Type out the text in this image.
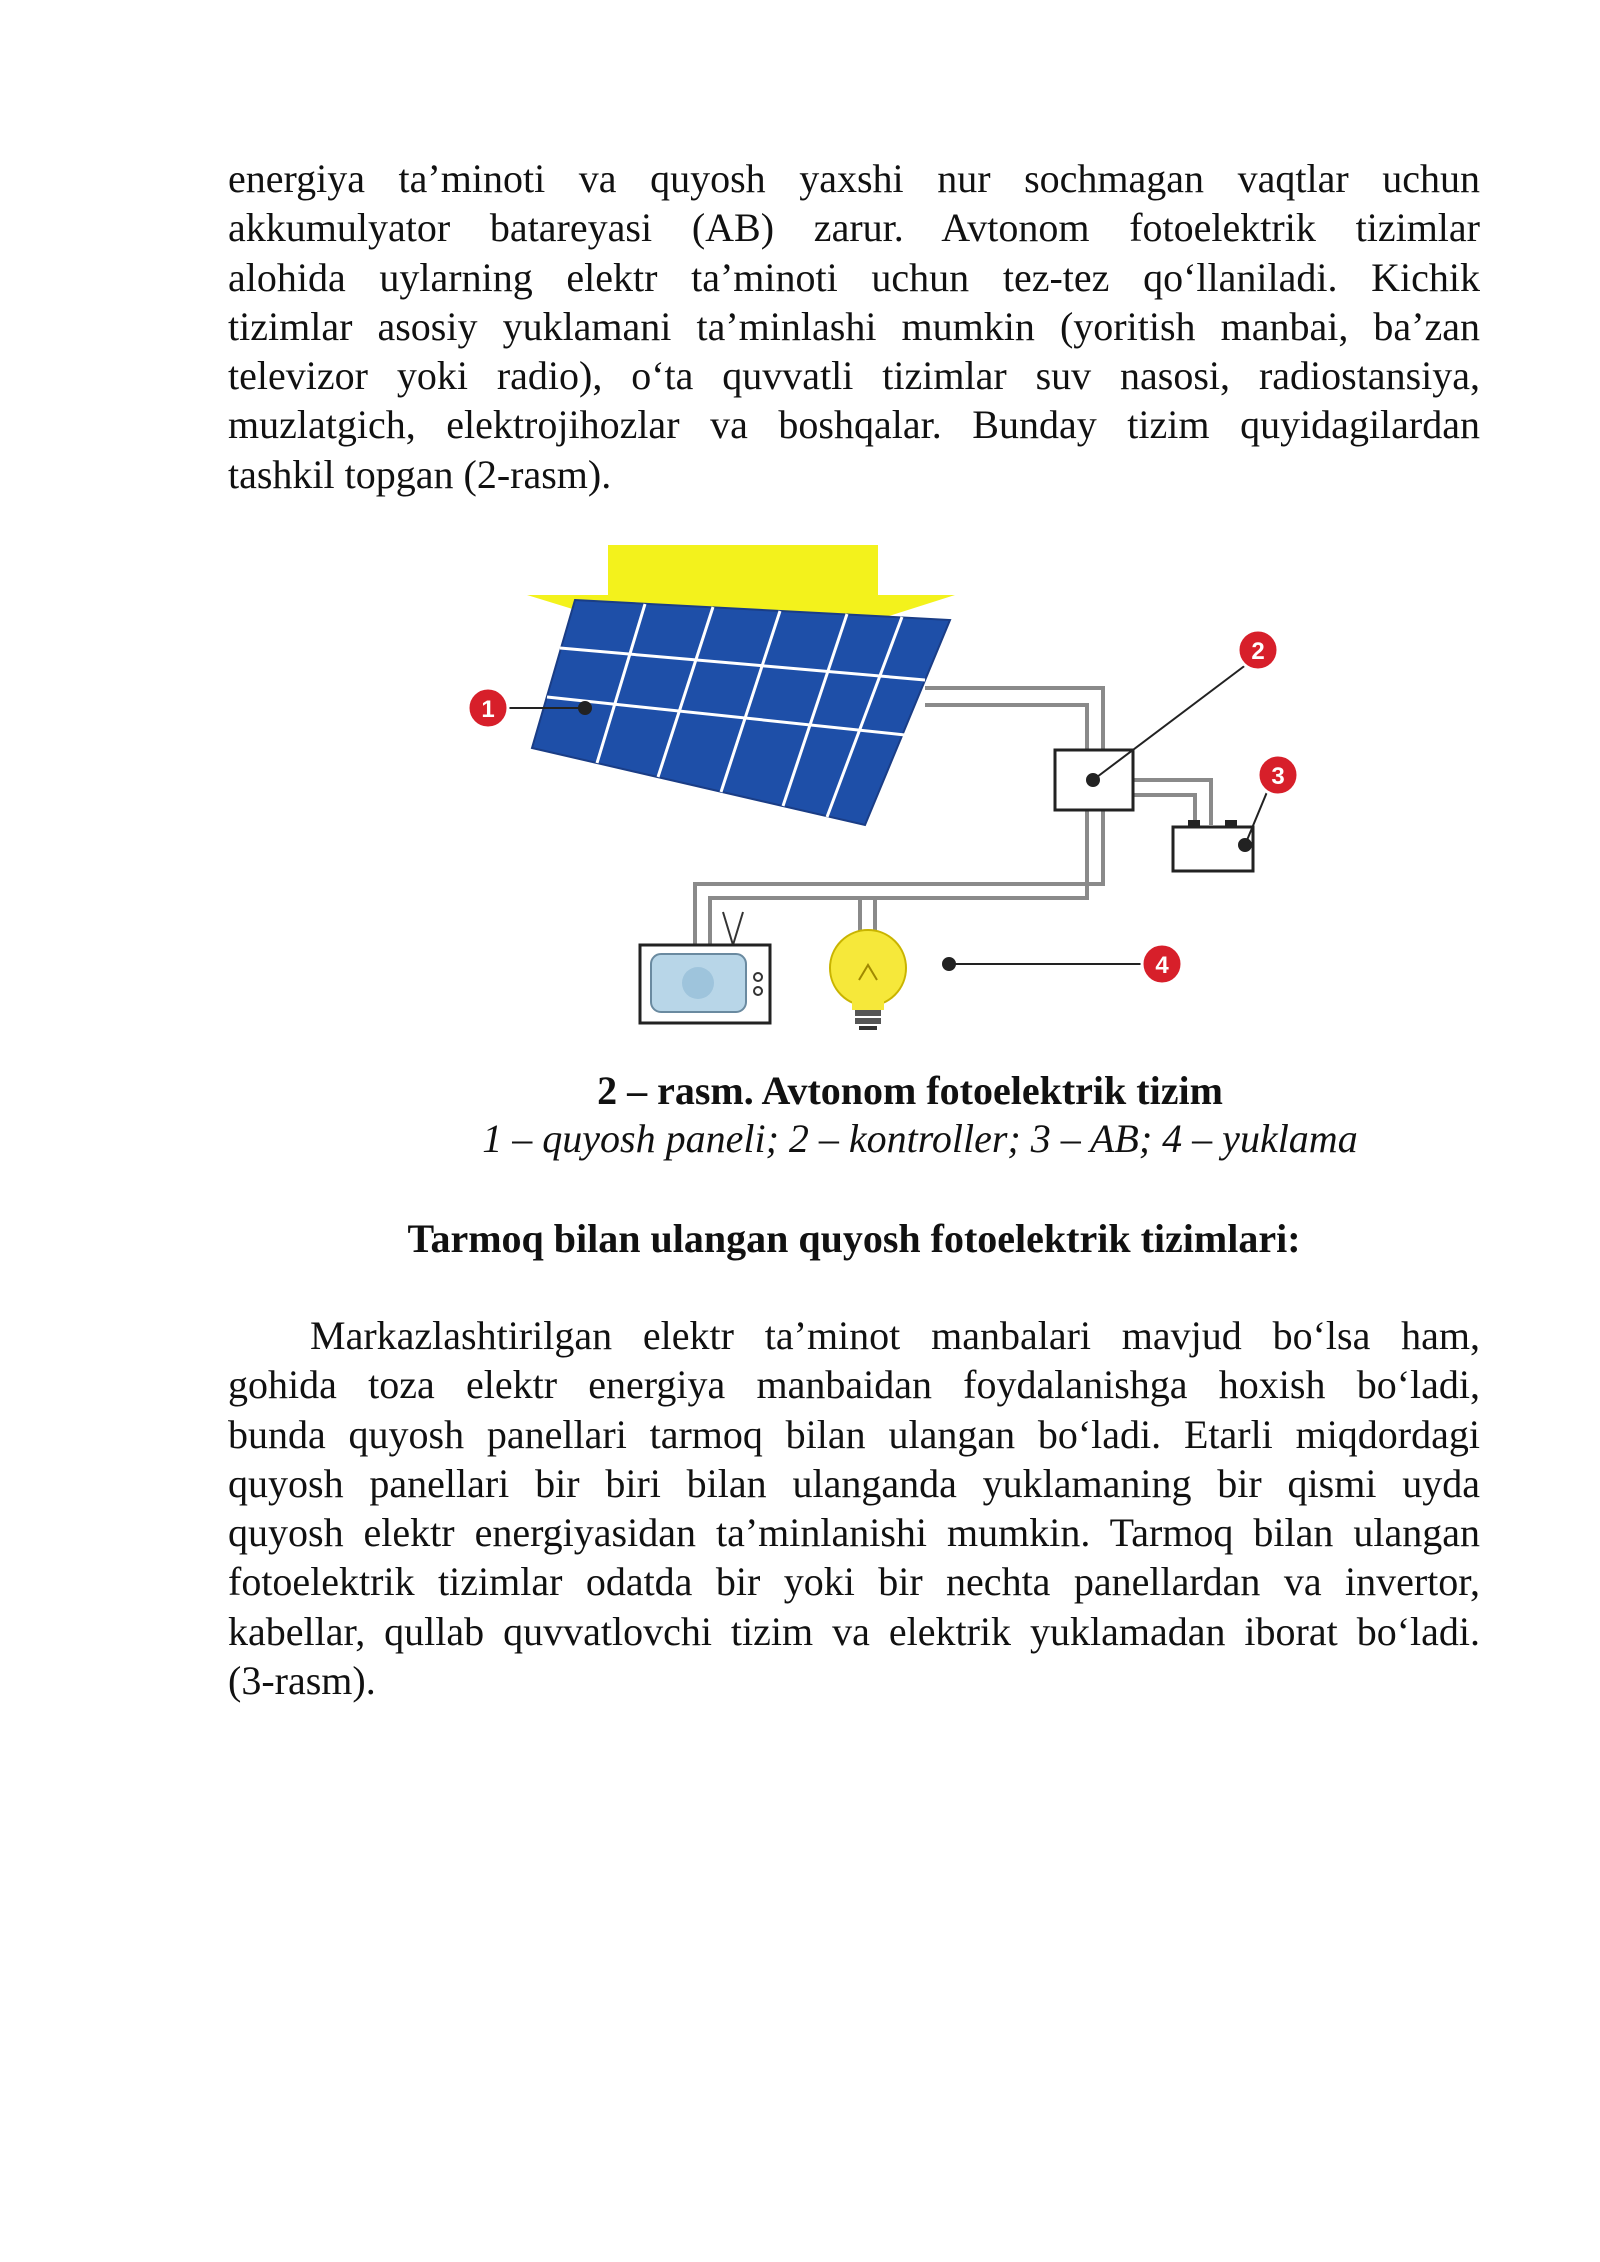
energiya ta’minoti va quyosh yaxshi nur sochmagan vaqtlar uchun
akkumulyator batareyasi (AB) zarur. Avtonom fotoelektrik tizimlar
alohida uylarning elektr ta’minoti uchun tez-tez qo‘llaniladi. Kichik
tizimlar asosiy yuklamani ta’minlashi mumkin (yoritish manbai, ba’zan
televizor yoki radio), o‘ta quvvatli tizimlar suv nasosi, radiostansiya,
muzlatgich, elektrojihozlar va boshqalar. Bunday tizim quyidagilardan
tashkil topgan (2-rasm).
1
2
3
4

2 – rasm. Avtonom fotoelektrik tizim

1 – quyosh paneli; 2 – kontroller; 3 – AB; 4 – yuklama

Tarmoq bilan ulangan quyosh fotoelektrik tizimlari:

Markazlashtirilgan elektr ta’minot manbalari mavjud bo‘lsa ham,
gohida toza elektr energiya manbaidan foydalanishga hoxish bo‘ladi,
bunda quyosh panellari tarmoq bilan ulangan bo‘ladi. Etarli miqdordagi
quyosh panellari bir biri bilan ulanganda yuklamaning bir qismi uyda
quyosh elektr energiyasidan ta’minlanishi mumkin. Tarmoq bilan ulangan
fotoelektrik tizimlar odatda bir yoki bir nechta panellardan va invertor,
kabellar, qullab quvvatlovchi tizim va elektrik yuklamadan iborat bo‘ladi.
(3-rasm).
